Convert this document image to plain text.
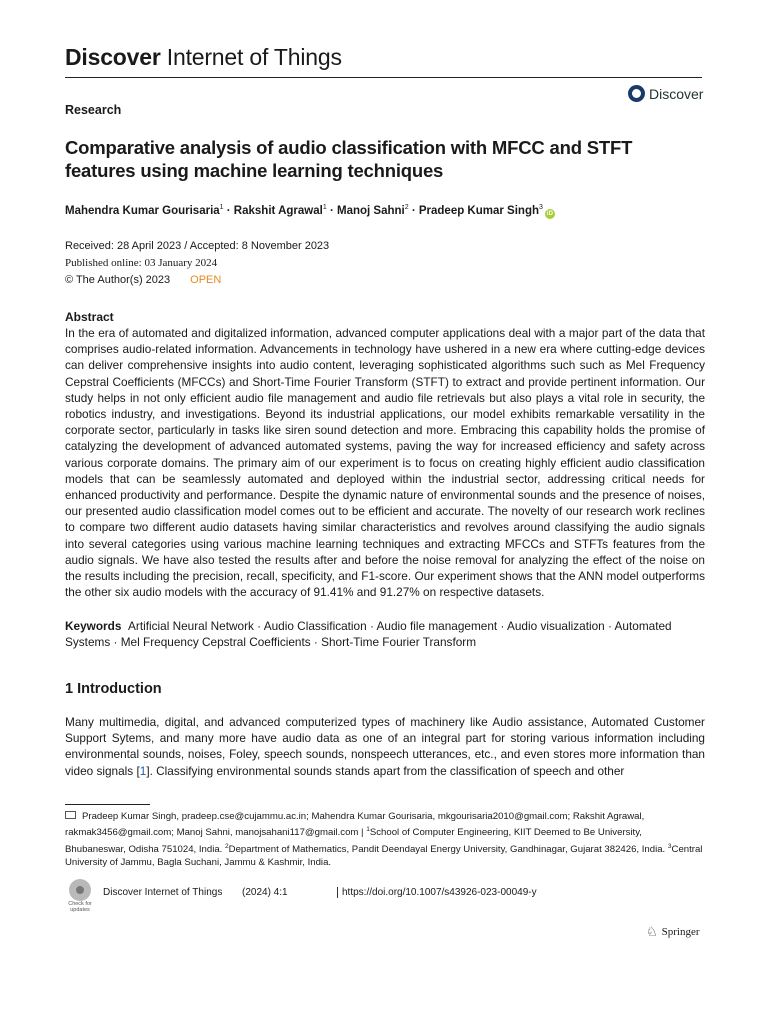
Discover Internet of Things
Research
Discover
Comparative analysis of audio classification with MFCC and STFT features using machine learning techniques
Mahendra Kumar Gourisaria$^1$ · Rakshit Agrawal$^1$ · Manoj Sahni$^2$ · Pradeep Kumar Singh$^3$iD
Received: 28 April 2023 / Accepted: 8 November 2023
Published online: 03 January 2024
© The Author(s) 2023 OPEN
Abstract
In the era of automated and digitalized information, advanced computer applications deal with a major part of the data that comprises audio-related information. Advancements in technology have ushered in a new era where cutting-edge devices can deliver comprehensive insights into audio content, leveraging sophisticated algorithms such such as Mel Frequency Cepstral Coefficients (MFCCs) and Short-Time Fourier Transform (STFT) to extract and provide pertinent information. Our study helps in not only efficient audio file management and audio file retrievals but also plays a vital role in security, the robotics industry, and investigations. Beyond its industrial applications, our model exhibits remarkable versatility in the corporate sector, particularly in tasks like siren sound detection and more. Embracing this capability holds the promise of catalyzing the development of advanced automated systems, paving the way for increased efficiency and safety across various corporate domains. The primary aim of our experiment is to focus on creating highly efficient audio classification models that can be seamlessly automated and deployed within the industrial sector, addressing critical needs for enhanced productivity and performance. Despite the dynamic nature of environmental sounds and the presence of noises, our presented audio classification model comes out to be efficient and accurate. The novelty of our research work reclines to compare two different audio datasets having similar characteristics and revolves around classifying the audio signals into several categories using various machine learning techniques and extracting MFCCs and STFTs features from the audio signals. We have also tested the results after and before the noise removal for analyzing the effect of the noise on the results including the precision, recall, specificity, and F1-score. Our experiment shows that the ANN model outperforms the other six audio models with the accuracy of 91.41% and 91.27% on respective datasets.
Keywords Artificial Neural Network · Audio Classification · Audio file management · Audio visualization · Automated Systems · Mel Frequency Cepstral Coefficients · Short-Time Fourier Transform
1 Introduction
Many multimedia, digital, and advanced computerized types of machinery like Audio assistance, Automated Customer Support Sytems, and many more have audio data as one of an integral part for storing various information including environmental sounds, noises, Foley, speech sounds, nonspeech utterances, etc., and even stores more information than video signals [1]. Classifying environmental sounds stands apart from the classification of speech and other
Pradeep Kumar Singh, pradeep.cse@cujammu.ac.in; Mahendra Kumar Gourisaria, mkgourisaria2010@gmail.com; Rakshit Agrawal, rakmak3456@gmail.com; Manoj Sahni, manojsahani117@gmail.com | $^1$School of Computer Engineering, KIIT Deemed to Be University, Bhubaneswar, Odisha 751024, India. $^2$Department of Mathematics, Pandit Deendayal Energy University, Gandhinagar, Gujarat 382426, India. $^3$Central University of Jammu, Bagla Suchani, Jammu & Kashmir, India.
Check for updates
Discover Internet of Things (2024) 4:1	https://doi.org/10.1007/s43926-023-00049-y
♘ Springer
